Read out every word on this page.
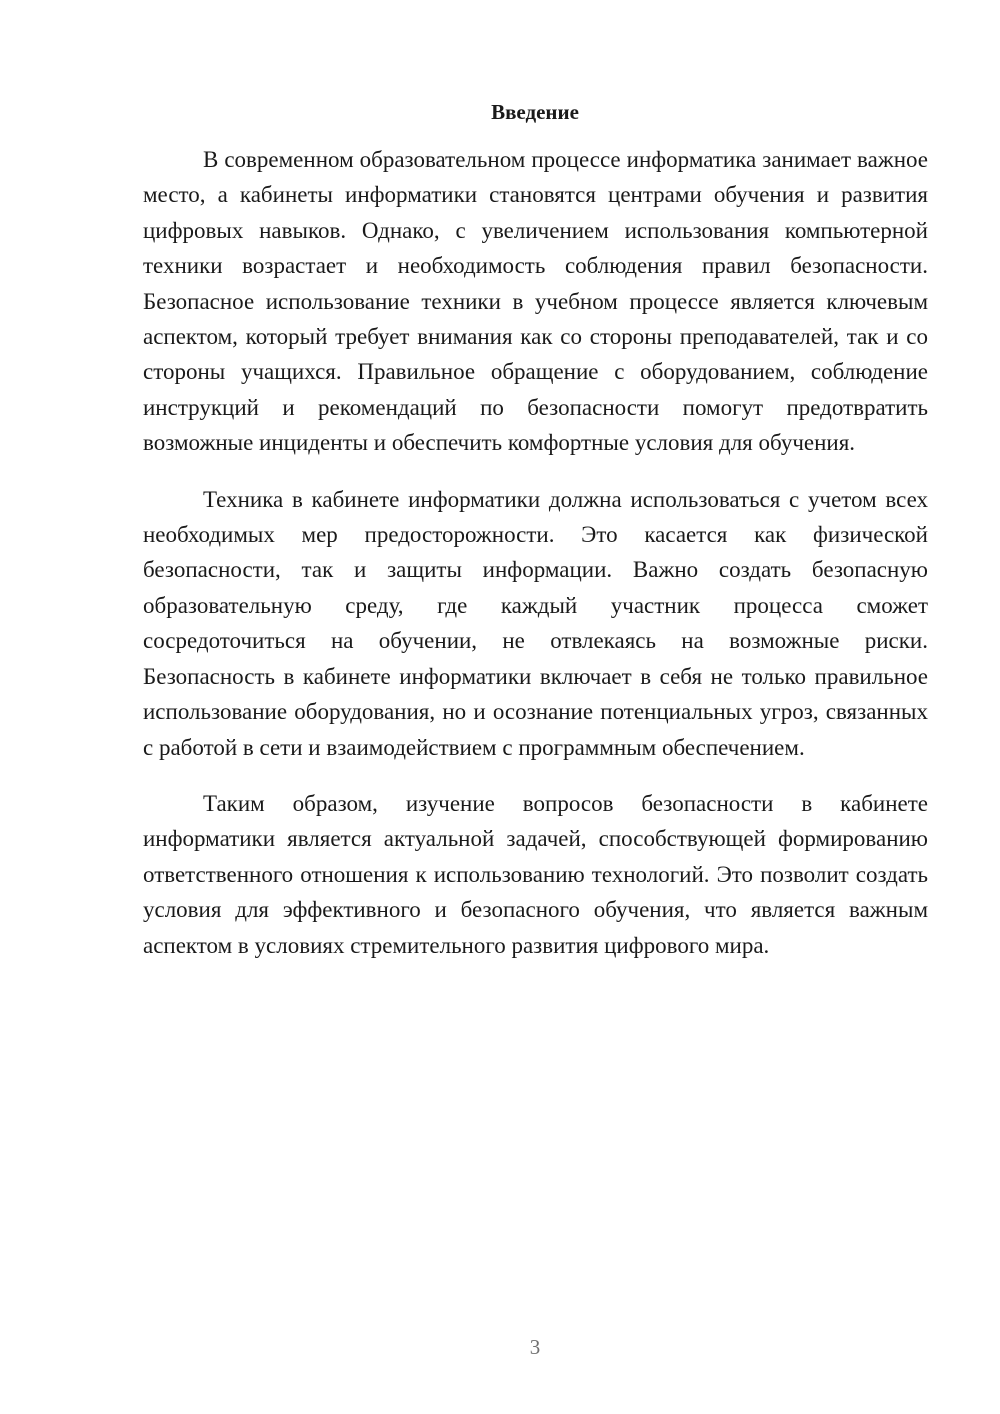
Введение

В современном образовательном процессе информатика занимает важное место, а кабинеты информатики становятся центрами обучения и развития цифровых навыков. Однако, с увеличением использования компьютерной техники возрастает и необходимость соблюдения правил безопасности. Безопасное использование техники в учебном процессе является ключевым аспектом, который требует внимания как со стороны преподавателей, так и со стороны учащихся. Правильное обращение с оборудованием, соблюдение инструкций и рекомендаций по безопасности помогут предотвратить возможные инциденты и обеспечить комфортные условия для обучения.

Техника в кабинете информатики должна использоваться с учетом всех необходимых мер предосторожности. Это касается как физической безопасности, так и защиты информации. Важно создать безопасную образовательную среду, где каждый участник процесса сможет сосредоточиться на обучении, не отвлекаясь на возможные риски. Безопасность в кабинете информатики включает в себя не только правильное использование оборудования, но и осознание потенциальных угроз, связанных с работой в сети и взаимодействием с программным обеспечением.

Таким образом, изучение вопросов безопасности в кабинете информатики является актуальной задачей, способствующей формированию ответственного отношения к использованию технологий. Это позволит создать условия для эффективного и безопасного обучения, что является важным аспектом в условиях стремительного развития цифрового мира.

3
